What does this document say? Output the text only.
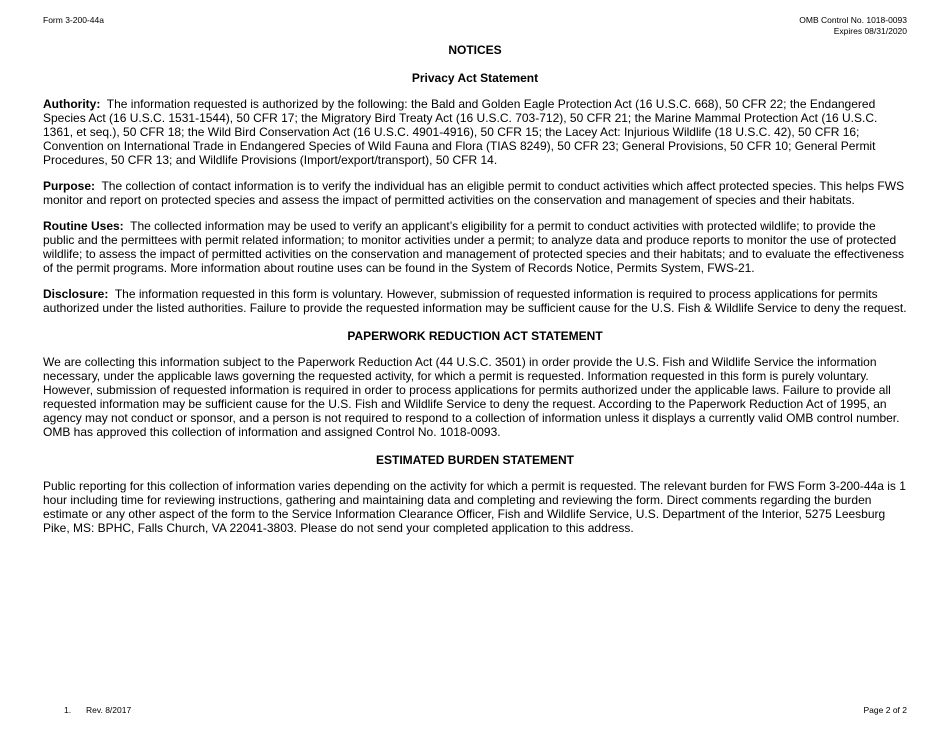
Form 3-200-44a	OMB Control No. 1018-0093
Expires 08/31/2020
NOTICES
Privacy Act Statement

Authority: The information requested is authorized by the following: the Bald and Golden Eagle Protection Act (16 U.S.C. 668), 50 CFR 22; the Endangered Species Act (16 U.S.C. 1531-1544), 50 CFR 17; the Migratory Bird Treaty Act (16 U.S.C. 703-712), 50 CFR 21; the Marine Mammal Protection Act (16 U.S.C. 1361, et seq.), 50 CFR 18; the Wild Bird Conservation Act (16 U.S.C. 4901-4916), 50 CFR 15; the Lacey Act: Injurious Wildlife (18 U.S.C. 42), 50 CFR 16; Convention on International Trade in Endangered Species of Wild Fauna and Flora (TIAS 8249), 50 CFR 23; General Provisions, 50 CFR 10; General Permit Procedures, 50 CFR 13; and Wildlife Provisions (Import/export/transport), 50 CFR 14.

Purpose: The collection of contact information is to verify the individual has an eligible permit to conduct activities which affect protected species. This helps FWS monitor and report on protected species and assess the impact of permitted activities on the conservation and management of species and their habitats.

Routine Uses: The collected information may be used to verify an applicant’s eligibility for a permit to conduct activities with protected wildlife; to provide the public and the permittees with permit related information; to monitor activities under a permit; to analyze data and produce reports to monitor the use of protected wildlife; to assess the impact of permitted activities on the conservation and management of protected species and their habitats; and to evaluate the effectiveness of the permit programs. More information about routine uses can be found in the System of Records Notice, Permits System, FWS-21.

Disclosure: The information requested in this form is voluntary. However, submission of requested information is required to process applications for permits authorized under the listed authorities. Failure to provide the requested information may be sufficient cause for the U.S. Fish & Wildlife Service to deny the request.

PAPERWORK REDUCTION ACT STATEMENT

We are collecting this information subject to the Paperwork Reduction Act (44 U.S.C. 3501) in order provide the U.S. Fish and Wildlife Service the information necessary, under the applicable laws governing the requested activity, for which a permit is requested. Information requested in this form is purely voluntary. However, submission of requested information is required in order to process applications for permits authorized under the applicable laws. Failure to provide all requested information may be sufficient cause for the U.S. Fish and Wildlife Service to deny the request. According to the Paperwork Reduction Act of 1995, an agency may not conduct or sponsor, and a person is not required to respond to a collection of information unless it displays a currently valid OMB control number. OMB has approved this collection of information and assigned Control No. 1018-0093.

ESTIMATED BURDEN STATEMENT

Public reporting for this collection of information varies depending on the activity for which a permit is requested. The relevant burden for FWS Form 3-200-44a is 1 hour including time for reviewing instructions, gathering and maintaining data and completing and reviewing the form. Direct comments regarding the burden estimate or any other aspect of the form to the Service Information Clearance Officer, Fish and Wildlife Service, U.S. Department of the Interior, 5275 Leesburg Pike, MS: BPHC, Falls Church, VA 22041-3803. Please do not send your completed application to this address.

1. Rev. 8/2017	Page 2 of 2
